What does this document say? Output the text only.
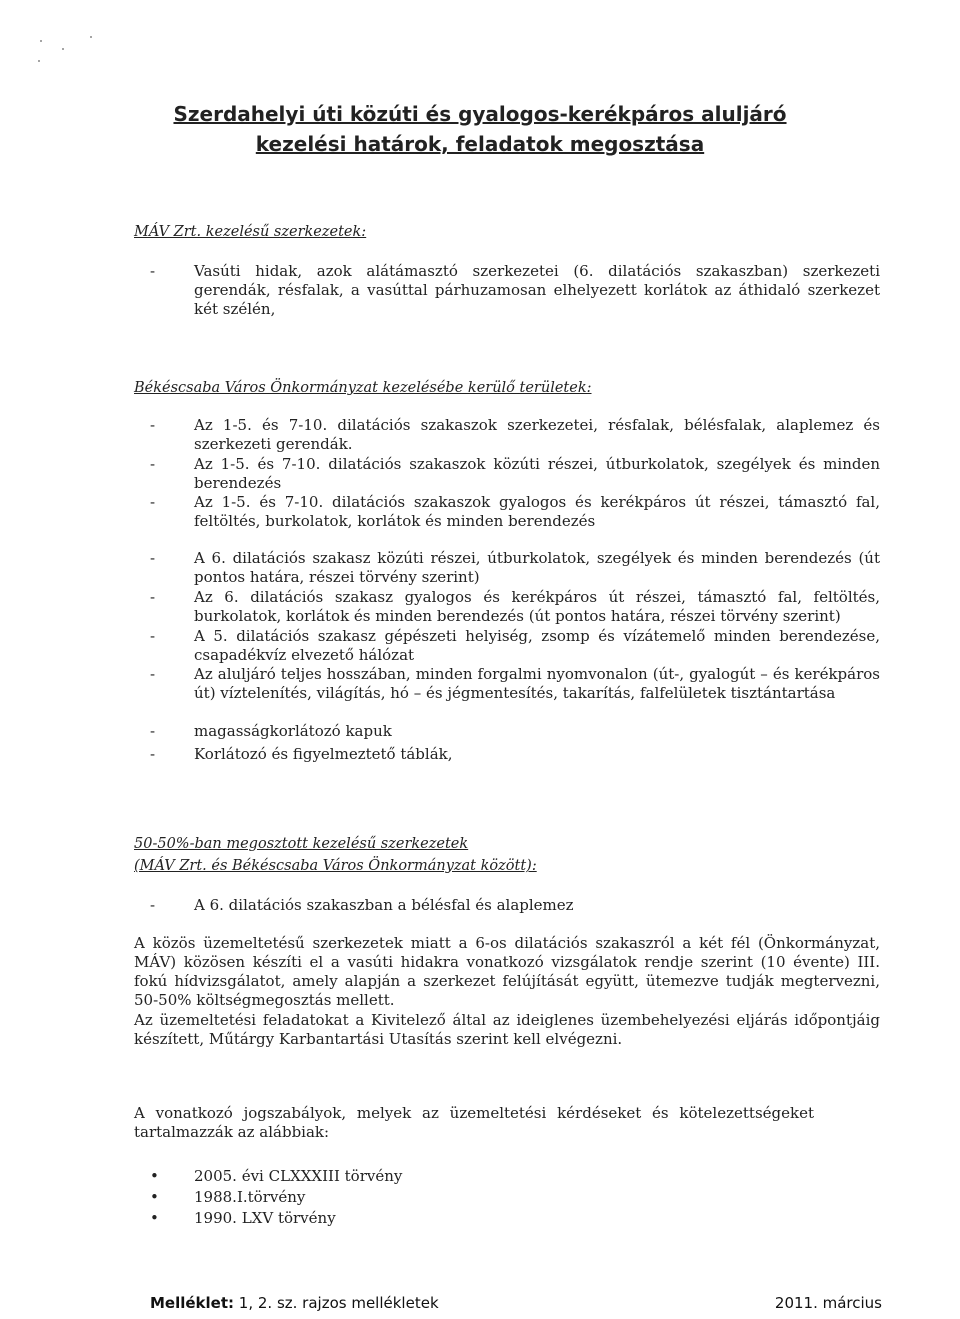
Szerdahelyi úti közúti és gyalogos-kerékpáros aluljáró
kezelési határok, feladatok megosztása
MÁV Zrt. kezelésű szerkezetek:
-	Vasúti hidak, azok alátámasztó szerkezetei (6. dilatációs szakaszban) szerkezeti gerendák, résfalak, a vasúttal párhuzamosan elhelyezett korlátok az áthidaló szerkezet két szélén,
Békéscsaba Város Önkormányzat kezelésébe kerülő területek:
-	Az 1-5. és 7-10. dilatációs szakaszok szerkezetei, résfalak, bélésfalak, alaplemez és szerkezeti gerendák.
-	Az 1-5. és 7-10. dilatációs szakaszok közúti részei, útburkolatok, szegélyek és minden berendezés
-	Az 1-5. és 7-10. dilatációs szakaszok gyalogos és kerékpáros út részei, támasztó fal, feltöltés, burkolatok, korlátok és minden berendezés
-	A 6. dilatációs szakasz közúti részei, útburkolatok, szegélyek és minden berendezés (út pontos határa, részei törvény szerint)
-	Az 6. dilatációs szakasz gyalogos és kerékpáros út részei, támasztó fal, feltöltés, burkolatok, korlátok és minden berendezés (út pontos határa, részei törvény szerint)
-	A 5. dilatációs szakasz gépészeti helyiség, zsomp és vízátemelő minden berendezése, csapadékvíz elvezető hálózat
-	Az aluljáró teljes hosszában, minden forgalmi nyomvonalon (út-, gyalogút – és kerékpáros út) víztelenítés, világítás, hó – és jégmentesítés, takarítás, falfelületek tisztántartása
-	magasságkorlátozó kapuk
-	Korlátozó és figyelmeztető táblák,
50-50%-ban megosztott kezelésű szerkezetek
(MÁV Zrt. és Békéscsaba Város Önkormányzat között):
-	A 6. dilatációs szakaszban a bélésfal és alaplemez
A közös üzemeltetésű szerkezetek miatt a 6-os dilatációs szakaszról a két fél (Önkormányzat, MÁV) közösen készíti el a vasúti hidakra vonatkozó vizsgálatok rendje szerint (10 évente) III. fokú hídvizsgálatot, amely alapján a szerkezet felújítását együtt, ütemezve tudják megtervezni, 50-50% költségmegosztás mellett.
Az üzemeltetési feladatokat a Kivitelező által az ideiglenes üzembehelyezési eljárás időpontjáig készített, Műtárgy Karbantartási Utasítás szerint kell elvégezni.
A vonatkozó jogszabályok, melyek az üzemeltetési kérdéseket és kötelezettségeket tartalmazzák az alábbiak:
• 2005. évi CLXXXIII törvény
• 1988.I.törvény
• 1990. LXV törvény
Melléklet: 1, 2. sz. rajzos mellékletek	2011. március
